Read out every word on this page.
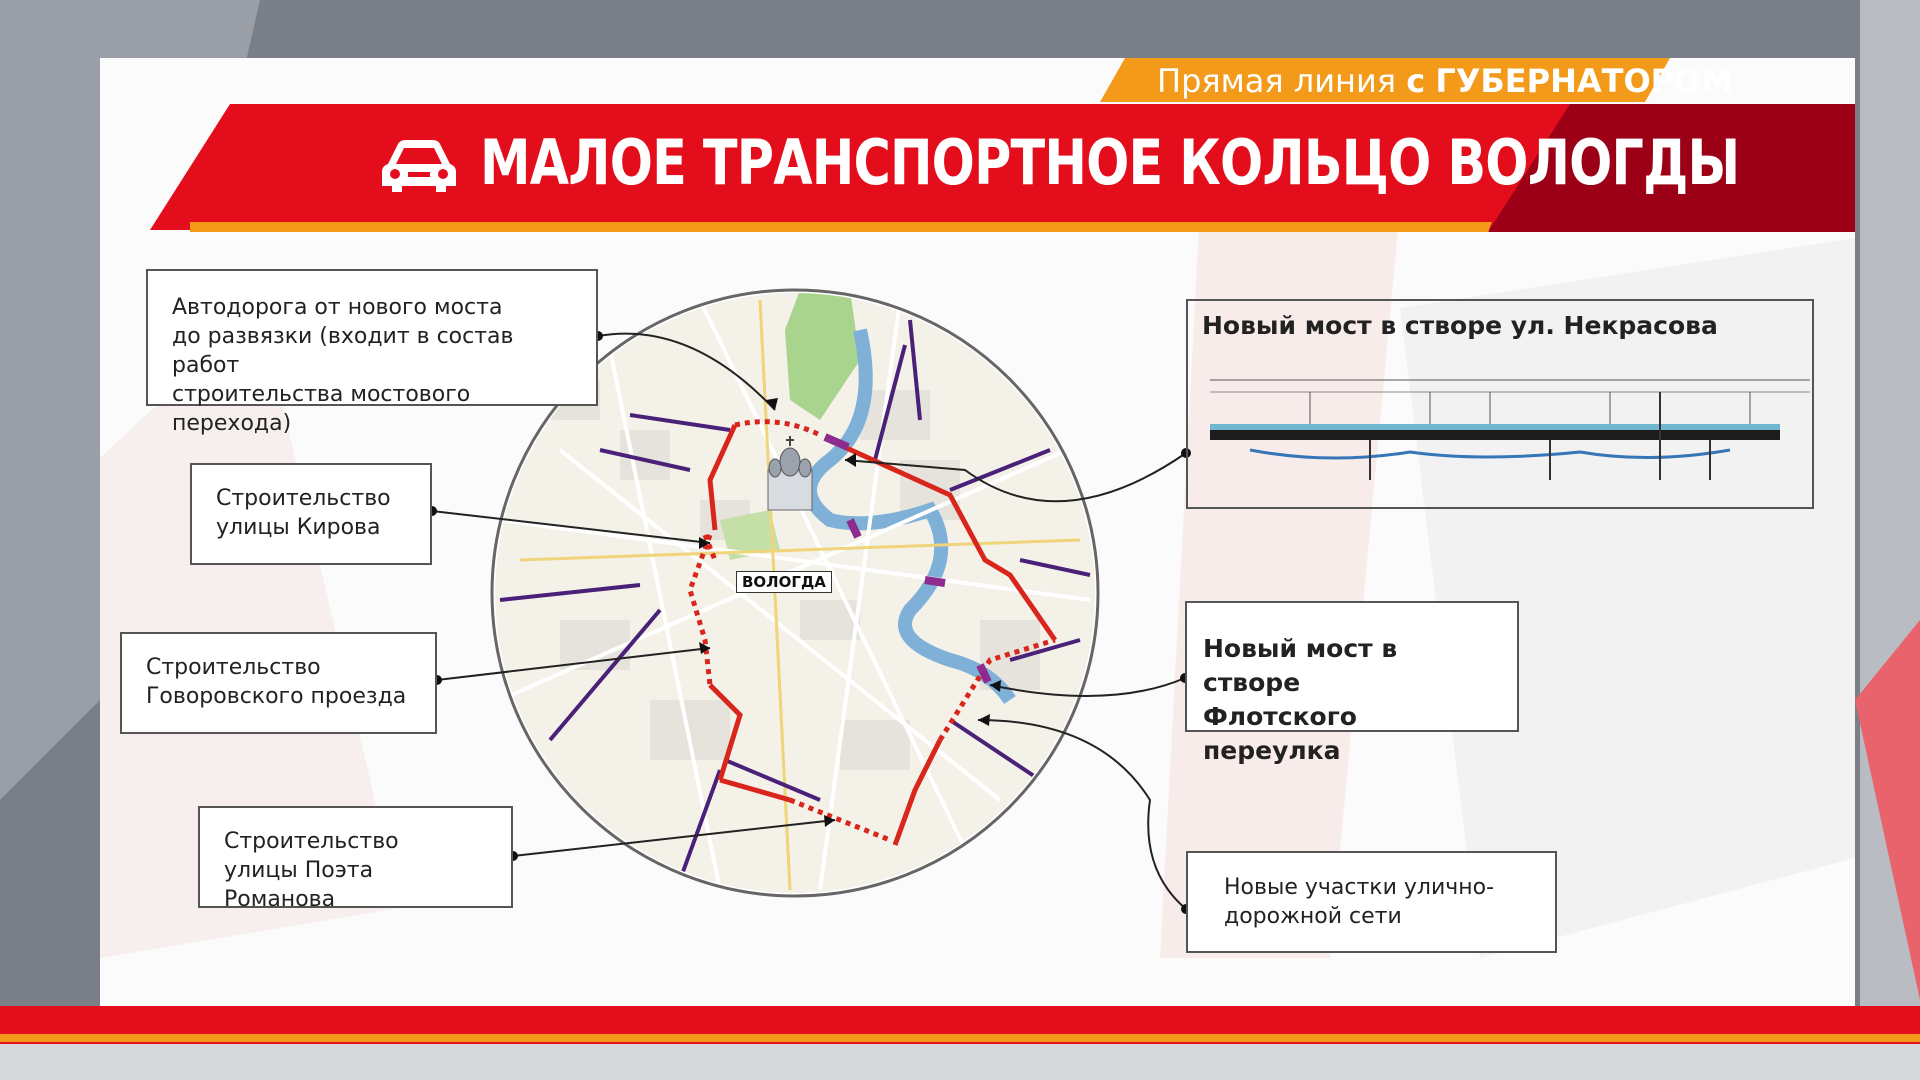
Прямая линия с ГУБЕРНАТОРОМ
МАЛОЕ ТРАНСПОРТНОЕ КОЛЬЦО ВОЛОГДЫ
ВОЛОГДА
Автодорога от нового моста
до развязки (входит в состав работ
строительства мостового перехода)
Строительство
улицы Кирова
Строительство
Говоровского проезда
Строительство
улицы Поэта Романова
Новый мост в створе ул. Некрасова
Новый мост в створе
Флотского переулка
Новые участки улично-
дорожной сети
